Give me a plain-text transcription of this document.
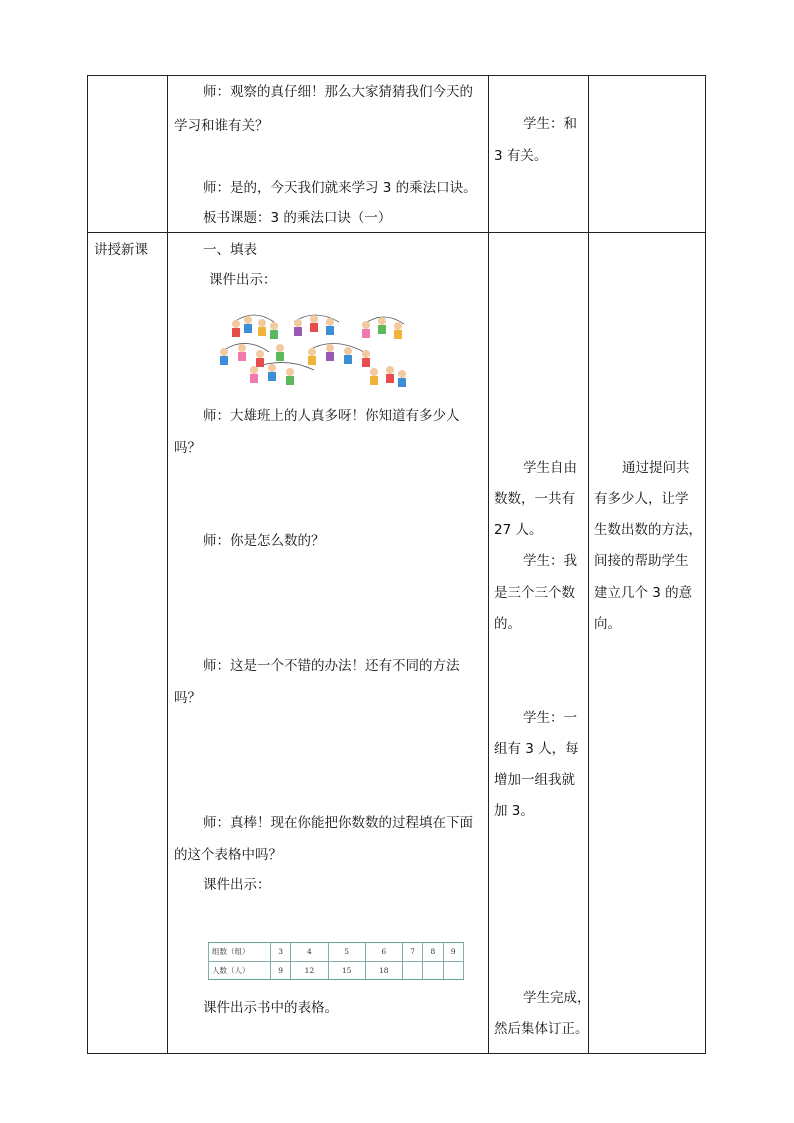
师：观察的真仔细！那么大家猜猜我们今天的
学习和谁有关？
师：是的，今天我们就来学习 3 的乘法口诀。
板书课题：3 的乘法口诀（一）
学生：和
3 有关。
讲授新课	一、填表
课件出示：
师：大雄班上的人真多呀！你知道有多少人
吗？
师：你是怎么数的？
师：这是一个不错的办法！还有不同的方法
吗？
师：真棒！现在你能把你数数的过程填在下面
的这个表格中吗？
课件出示：
组数（组）	3	4	5	6	7	8	9
人数（人）	9	12	15	18			
课件出示书中的表格。
学生自由
数数，一共有
27 人。
学生：我
是三个三个数
的。
学生：一
组有 3 人，每
增加一组我就
加 3。
学生完成，
然后集体订正。
通过提问共
有多少人，让学
生数出数的方法，
间接的帮助学生
建立几个 3 的意
向。
